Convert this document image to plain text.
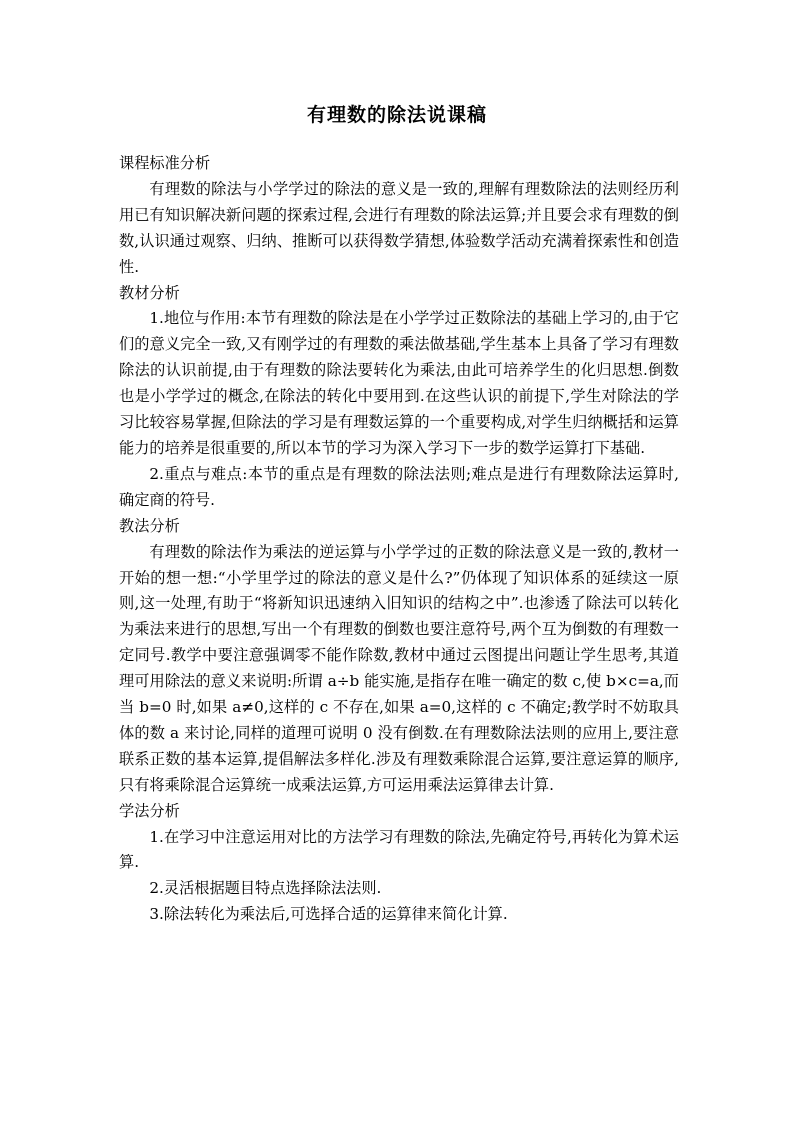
有理数的除法说课稿
课程标准分析

有理数的除法与小学学过的除法的意义是一致的,理解有理数除法的法则经历利用已有知识解决新问题的探索过程,会进行有理数的除法运算;并且要会求有理数的倒数,认识通过观察、归纳、推断可以获得数学猜想,体验数学活动充满着探索性和创造性.

教材分析

1.地位与作用:本节有理数的除法是在小学学过正数除法的基础上学习的,由于它们的意义完全一致,又有刚学过的有理数的乘法做基础,学生基本上具备了学习有理数除法的认识前提,由于有理数的除法要转化为乘法,由此可培养学生的化归思想.倒数也是小学学过的概念,在除法的转化中要用到.在这些认识的前提下,学生对除法的学习比较容易掌握,但除法的学习是有理数运算的一个重要构成,对学生归纳概括和运算能力的培养是很重要的,所以本节的学习为深入学习下一步的数学运算打下基础.

2.重点与难点:本节的重点是有理数的除法法则;难点是进行有理数除法运算时,确定商的符号.

教法分析

有理数的除法作为乘法的逆运算与小学学过的正数的除法意义是一致的,教材一开始的想一想:“小学里学过的除法的意义是什么?”仍体现了知识体系的延续这一原则,这一处理,有助于“将新知识迅速纳入旧知识的结构之中”.也渗透了除法可以转化为乘法来进行的思想,写出一个有理数的倒数也要注意符号,两个互为倒数的有理数一定同号.教学中要注意强调零不能作除数,教材中通过云图提出问题让学生思考,其道理可用除法的意义来说明:所谓 a÷b 能实施,是指存在唯一确定的数 c,使 b×c=a,而当 b=0 时,如果 a≠0,这样的 c 不存在,如果 a=0,这样的 c 不确定;教学时不妨取具体的数 a 来讨论,同样的道理可说明 0 没有倒数.在有理数除法法则的应用上,要注意联系正数的基本运算,提倡解法多样化.涉及有理数乘除混合运算,要注意运算的顺序,只有将乘除混合运算统一成乘法运算,方可运用乘法运算律去计算.

学法分析

1.在学习中注意运用对比的方法学习有理数的除法,先确定符号,再转化为算术运算.

2.灵活根据题目特点选择除法法则.

3.除法转化为乘法后,可选择合适的运算律来简化计算.
